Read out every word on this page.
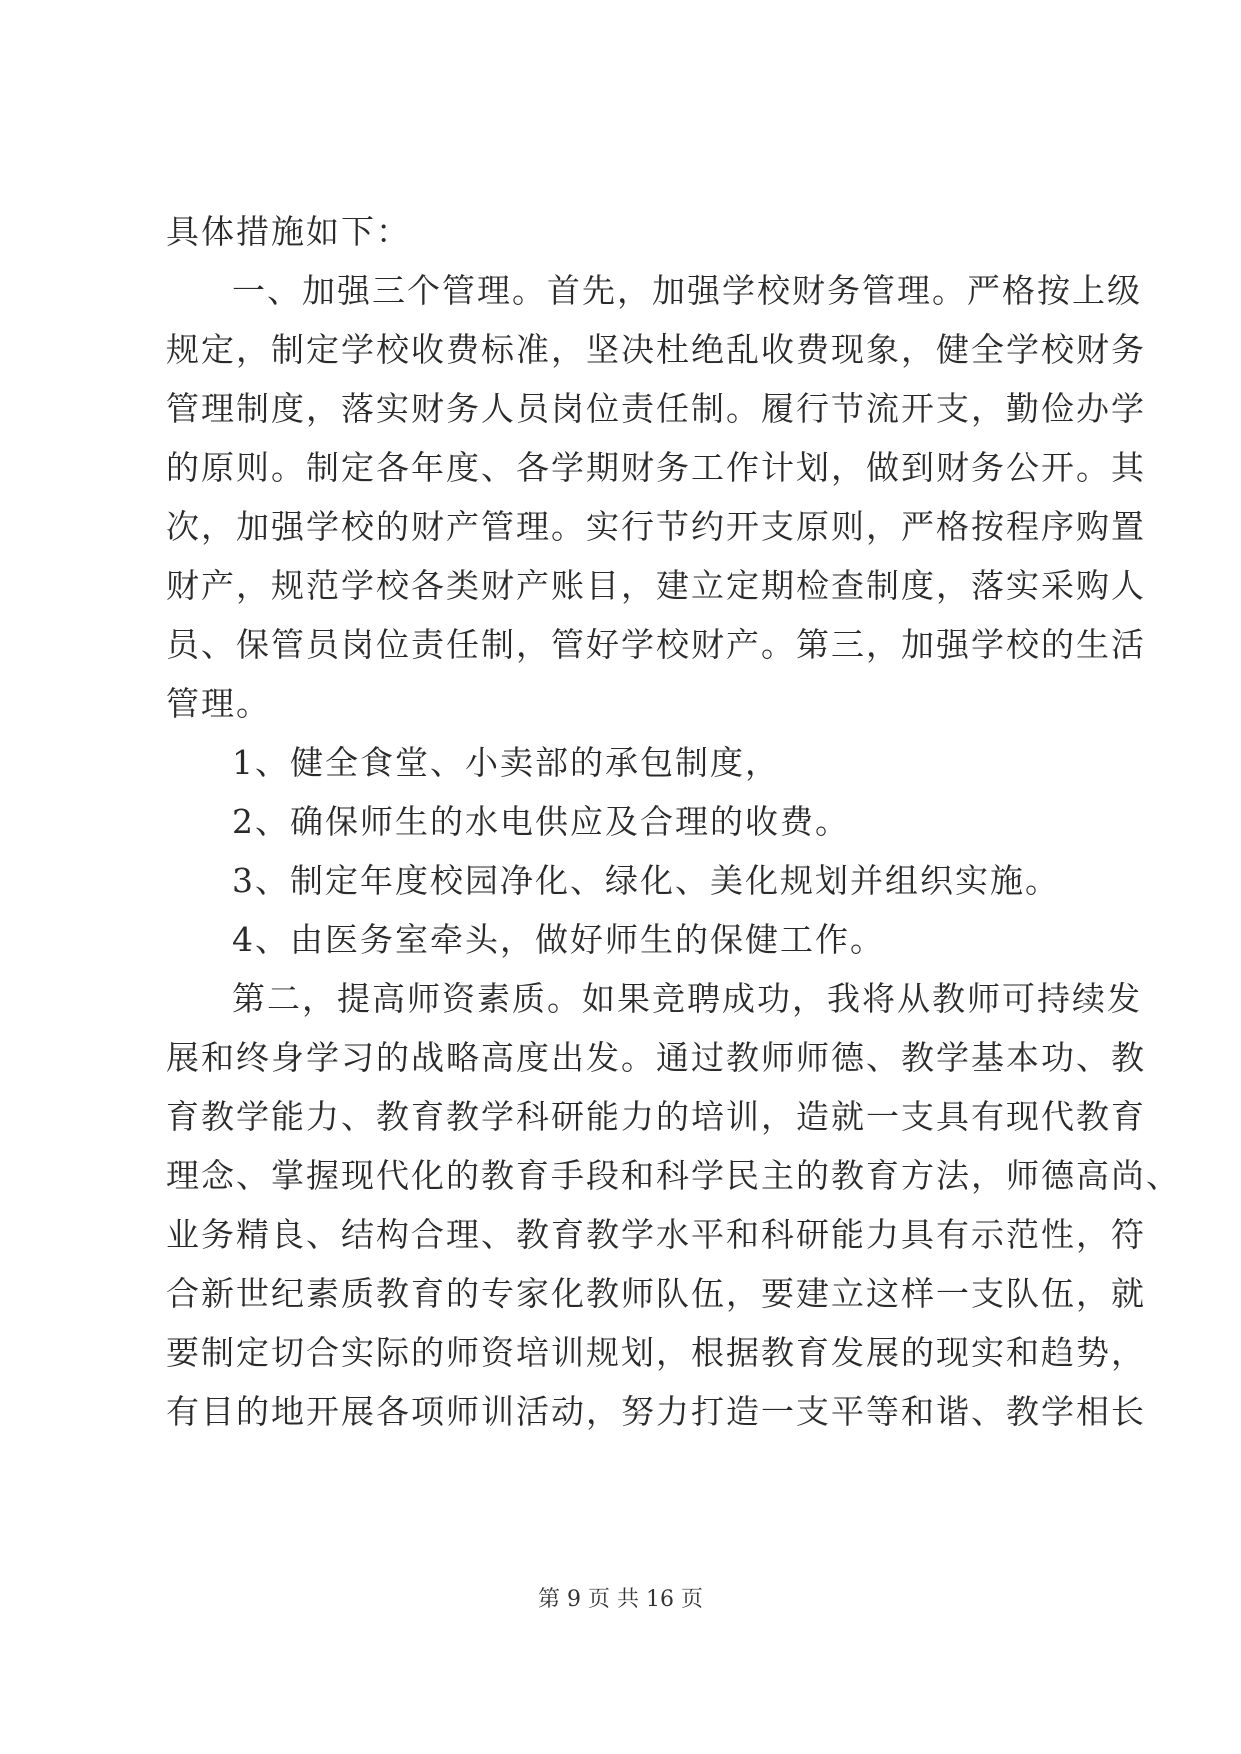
具体措施如下：
一、加强三个管理。首先，加强学校财务管理。严格按上级
规定，制定学校收费标准，坚决杜绝乱收费现象，健全学校财务
管理制度，落实财务人员岗位责任制。履行节流开支，勤俭办学
的原则。制定各年度、各学期财务工作计划，做到财务公开。其
次，加强学校的财产管理。实行节约开支原则，严格按程序购置
财产，规范学校各类财产账目，建立定期检查制度，落实采购人
员、保管员岗位责任制，管好学校财产。第三，加强学校的生活
管理。
1、健全食堂、小卖部的承包制度，
2、确保师生的水电供应及合理的收费。
3、制定年度校园净化、绿化、美化规划并组织实施。
4、由医务室牵头，做好师生的保健工作。
第二，提高师资素质。如果竞聘成功，我将从教师可持续发
展和终身学习的战略高度出发。通过教师师德、教学基本功、教
育教学能力、教育教学科研能力的培训，造就一支具有现代教育
理念、掌握现代化的教育手段和科学民主的教育方法，师德高尚、
业务精良、结构合理、教育教学水平和科研能力具有示范性，符
合新世纪素质教育的专家化教师队伍，要建立这样一支队伍，就
要制定切合实际的师资培训规划，根据教育发展的现实和趋势，
有目的地开展各项师训活动，努力打造一支平等和谐、教学相长
第 9 页 共 16 页
